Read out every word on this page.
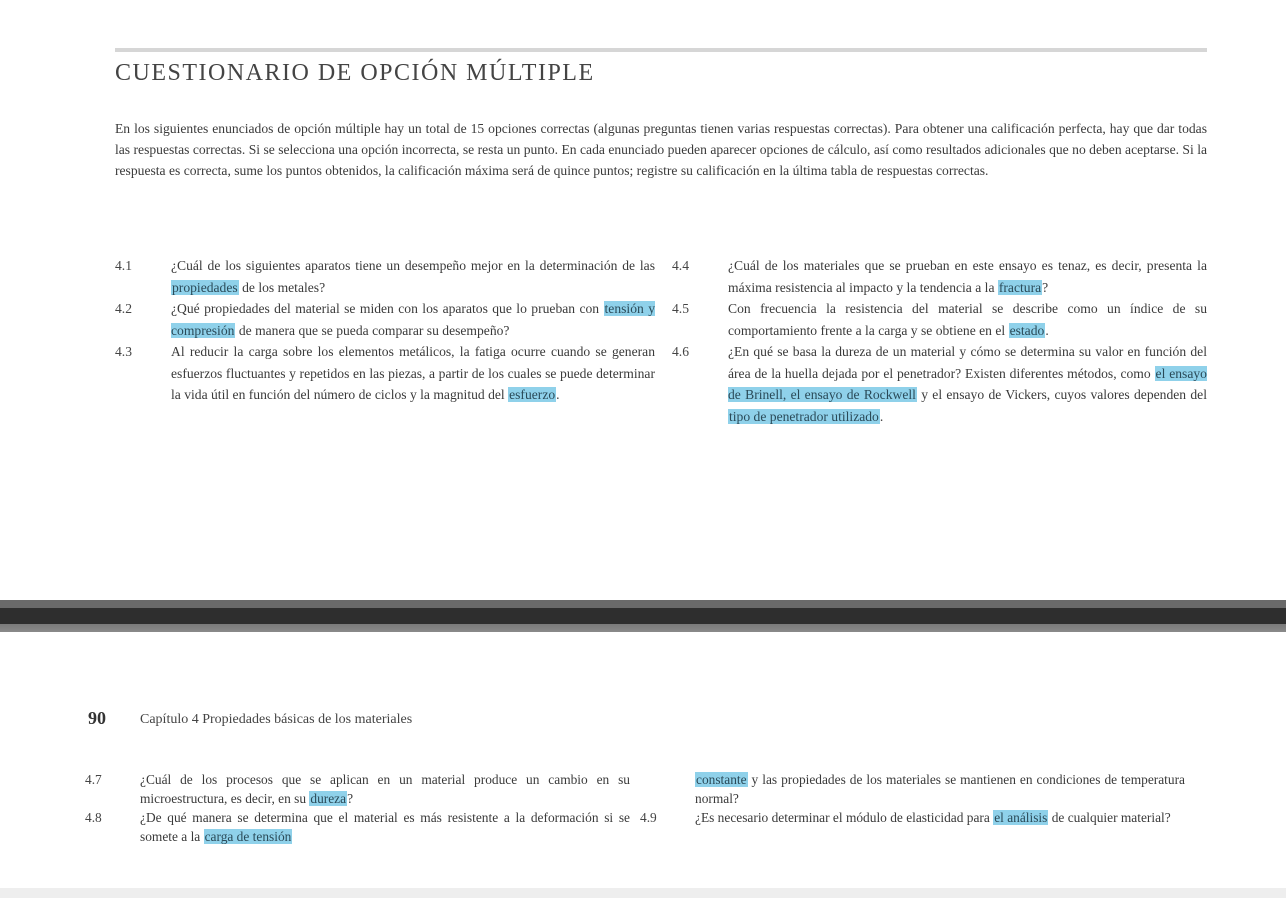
CUESTIONARIO DE OPCIÓN MÚLTIPLE
En los siguientes enunciados de opción múltiple hay un total de 15 opciones correctas (algunas preguntas tienen varias respuestas correctas). Para obtener una calificación perfecta, hay que dar todas las respuestas correctas. Si se selecciona una opción incorrecta, se resta un punto. En cada enunciado pueden aparecer opciones de cálculo, así como resultados adicionales que no deben aceptarse. Si la respuesta es correcta, sume los puntos obtenidos, la calificación máxima será de quince puntos; registre su calificación en la última tabla de respuestas correctas.
4.1	¿Cuál de los siguientes aparatos tiene un desempeño mejor en la determinación de las propiedades de los metales?
4.2	¿Qué propiedades del material se miden con los aparatos que lo prueban con tensión y compresión de manera que se pueda comparar su desempeño?
4.3	Al reducir la carga sobre los elementos metálicos, la fatiga ocurre cuando se generan esfuerzos fluctuantes y repetidos en las piezas, a partir de los cuales se puede determinar la vida útil en función del número de ciclos y la magnitud del esfuerzo.
4.4	¿Cuál de los materiales que se prueban en este ensayo es tenaz, es decir, presenta la máxima resistencia al impacto y la tendencia a la fractura?
4.5	Con frecuencia la resistencia del material se describe como un índice de su comportamiento frente a la carga y se obtiene en el estado.
4.6	¿En qué se basa la dureza de un material y cómo se determina su valor en función del área de la huella dejada por el penetrador? Existen diferentes métodos, como el ensayo de Brinell, el ensayo de Rockwell y el ensayo de Vickers, cuyos valores dependen del tipo de penetrador utilizado.
90 Capítulo 4 Propiedades básicas de los materiales
4.7	¿Cuál de los procesos que se aplican en un material produce un cambio en su microestructura, es decir, en su dureza?
4.8	¿De qué manera se determina que el material es más resistente a la deformación si se somete a la carga de tensión
constante y las propiedades de los materiales se mantienen en condiciones de temperatura normal?
4.9	¿Es necesario determinar el módulo de elasticidad para el análisis de cualquier material?
